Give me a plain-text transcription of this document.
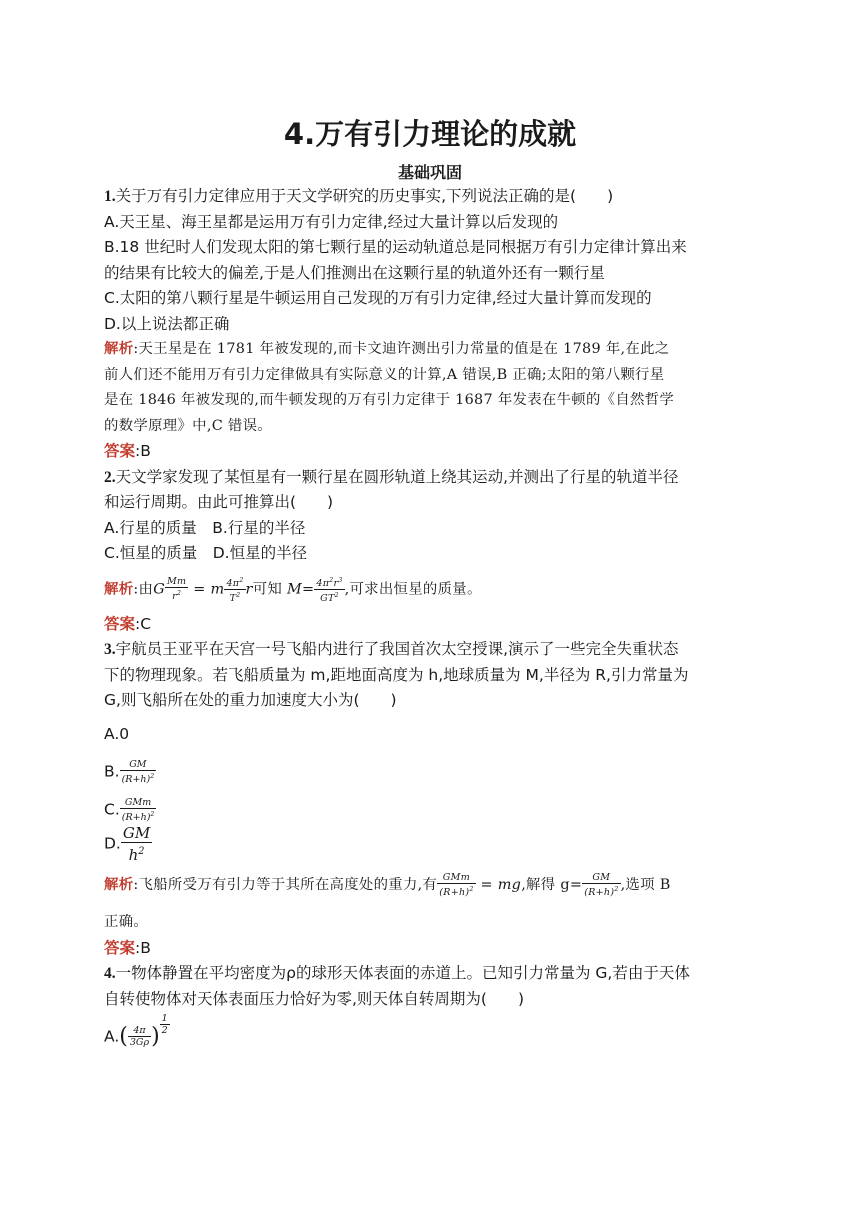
4.万有引力理论的成就
基础巩固
1.关于万有引力定律应用于天文学研究的历史事实,下列说法正确的是(　　)
A.天王星、海王星都是运用万有引力定律,经过大量计算以后发现的
B.18 世纪时人们发现太阳的第七颗行星的运动轨道总是同根据万有引力定律计算出来
的结果有比较大的偏差,于是人们推测出在这颗行星的轨道外还有一颗行星
C.太阳的第八颗行星是牛顿运用自己发现的万有引力定律,经过大量计算而发现的
D.以上说法都正确
解析:天王星是在 1781 年被发现的,而卡文迪许测出引力常量的值是在 1789 年,在此之
前人们还不能用万有引力定律做具有实际意义的计算,A 错误,B 正确;太阳的第八颗行星
是在 1846 年被发现的,而牛顿发现的万有引力定律于 1687 年发表在牛顿的《自然哲学
的数学原理》中,C 错误。
答案:B
2.天文学家发现了某恒星有一颗行星在圆形轨道上绕其运动,并测出了行星的轨道半径
和运行周期。由此可推算出(　　)
A.行星的质量　B.行星的半径
C.恒星的质量　D.恒星的半径
解析:由G $\frac{Mm}{r^2} = m \frac{4\pi^2}{T^2}$ r可知 $M= \frac{4\pi^2r^3}{GT^2}$ ,可求出恒星的质量。
答案:C
3.宇航员王亚平在天宫一号飞船内进行了我国首次太空授课,演示了一些完全失重状态
下的物理现象。若飞船质量为 m,距地面高度为 h,地球质量为 M,半径为 R,引力常量为
G,则飞船所在处的重力加速度大小为(　　)
A.0
B. $\frac{GM}{(R+h)^2}$
C. $\frac{\text{GMm}}{(R+h)^2}$
D. $\frac{GM}{h^2}$
解析:飞船所受万有引力等于其所在高度处的重力,有 $\frac{\text{GMm}}{(R+h)^2}$ = mg,解得 $g= \frac{GM}{(R+h)^2}$ ,选项 B
正确。
答案:B
4.一物体静置在平均密度为ρ的球形天体表面的赤道上。已知引力常量为 G,若由于天体
自转使物体对天体表面压力恰好为零,则天体自转周期为(　　)
$A.( \frac{4\pi}{3G\rho}$ ) $\frac{1}{2}$
